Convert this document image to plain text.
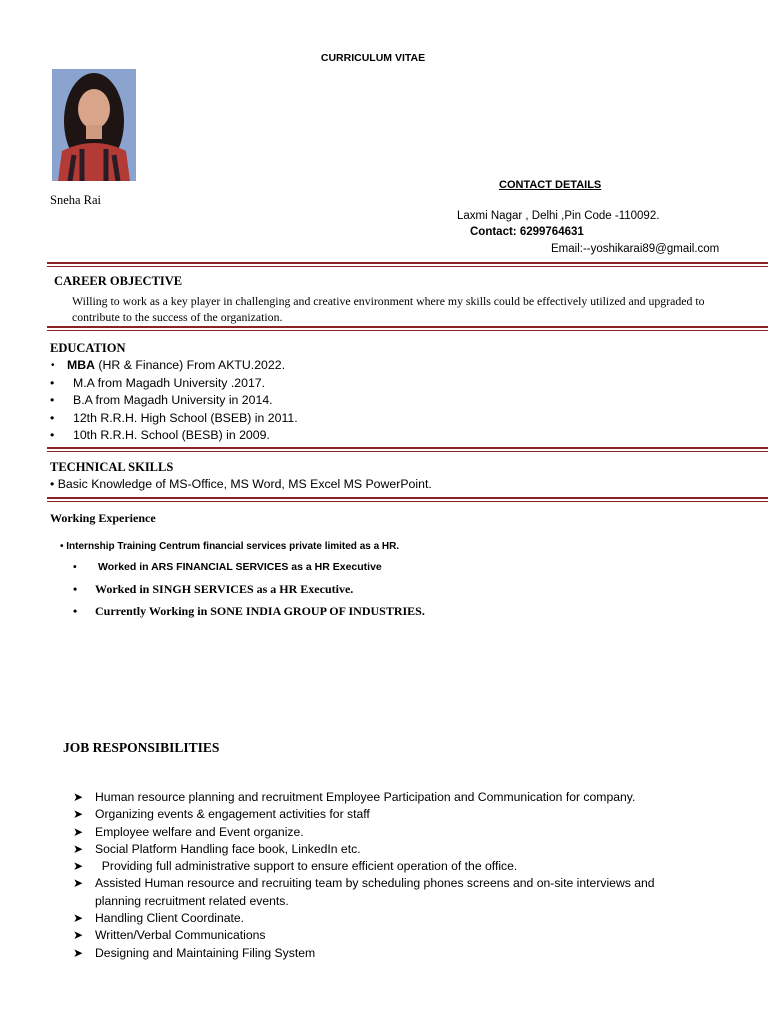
CURRICULUM VITAE
Sneha Rai
CONTACT DETAILS
Laxmi Nagar , Delhi ,Pin Code -110092.
Contact: 6299764631
Email:--yoshikarai89@gmail.com
CAREER OBJECTIVE
Willing to work as a key player in challenging and creative environment where my skills could be effectively utilized and upgraded to contribute to the success of the organization.
EDUCATION
• MBA (HR & Finance) From AKTU.2022.
• M.A from Magadh University .2017.
• B.A from Magadh University in 2014.
• 12th R.R.H. High School (BSEB) in 2011.
• 10th R.R.H. School (BESB) in 2009.
TECHNICAL SKILLS
• Basic Knowledge of MS-Office, MS Word, MS Excel MS PowerPoint.
Working Experience
• Internship Training Centrum financial services private limited as a HR.
• Worked in ARS FINANCIAL SERVICES as a HR Executive
• Worked in SINGH SERVICES as a HR Executive.
• Currently Working in SONE INDIA GROUP OF INDUSTRIES.
JOB RESPONSIBILITIES
➤ Human resource planning and recruitment Employee Participation and Communication for company.
➤ Organizing events & engagement activities for staff
➤ Employee welfare and Event organize.
➤ Social Platform Handling face book, LinkedIn etc.
➤ Providing full administrative support to ensure efficient operation of the office.
➤ Assisted Human resource and recruiting team by scheduling phones screens and on-site interviews and
planning recruitment related events.
➤ Handling Client Coordinate.
➤ Written/Verbal Communications
➤ Designing and Maintaining Filing System
